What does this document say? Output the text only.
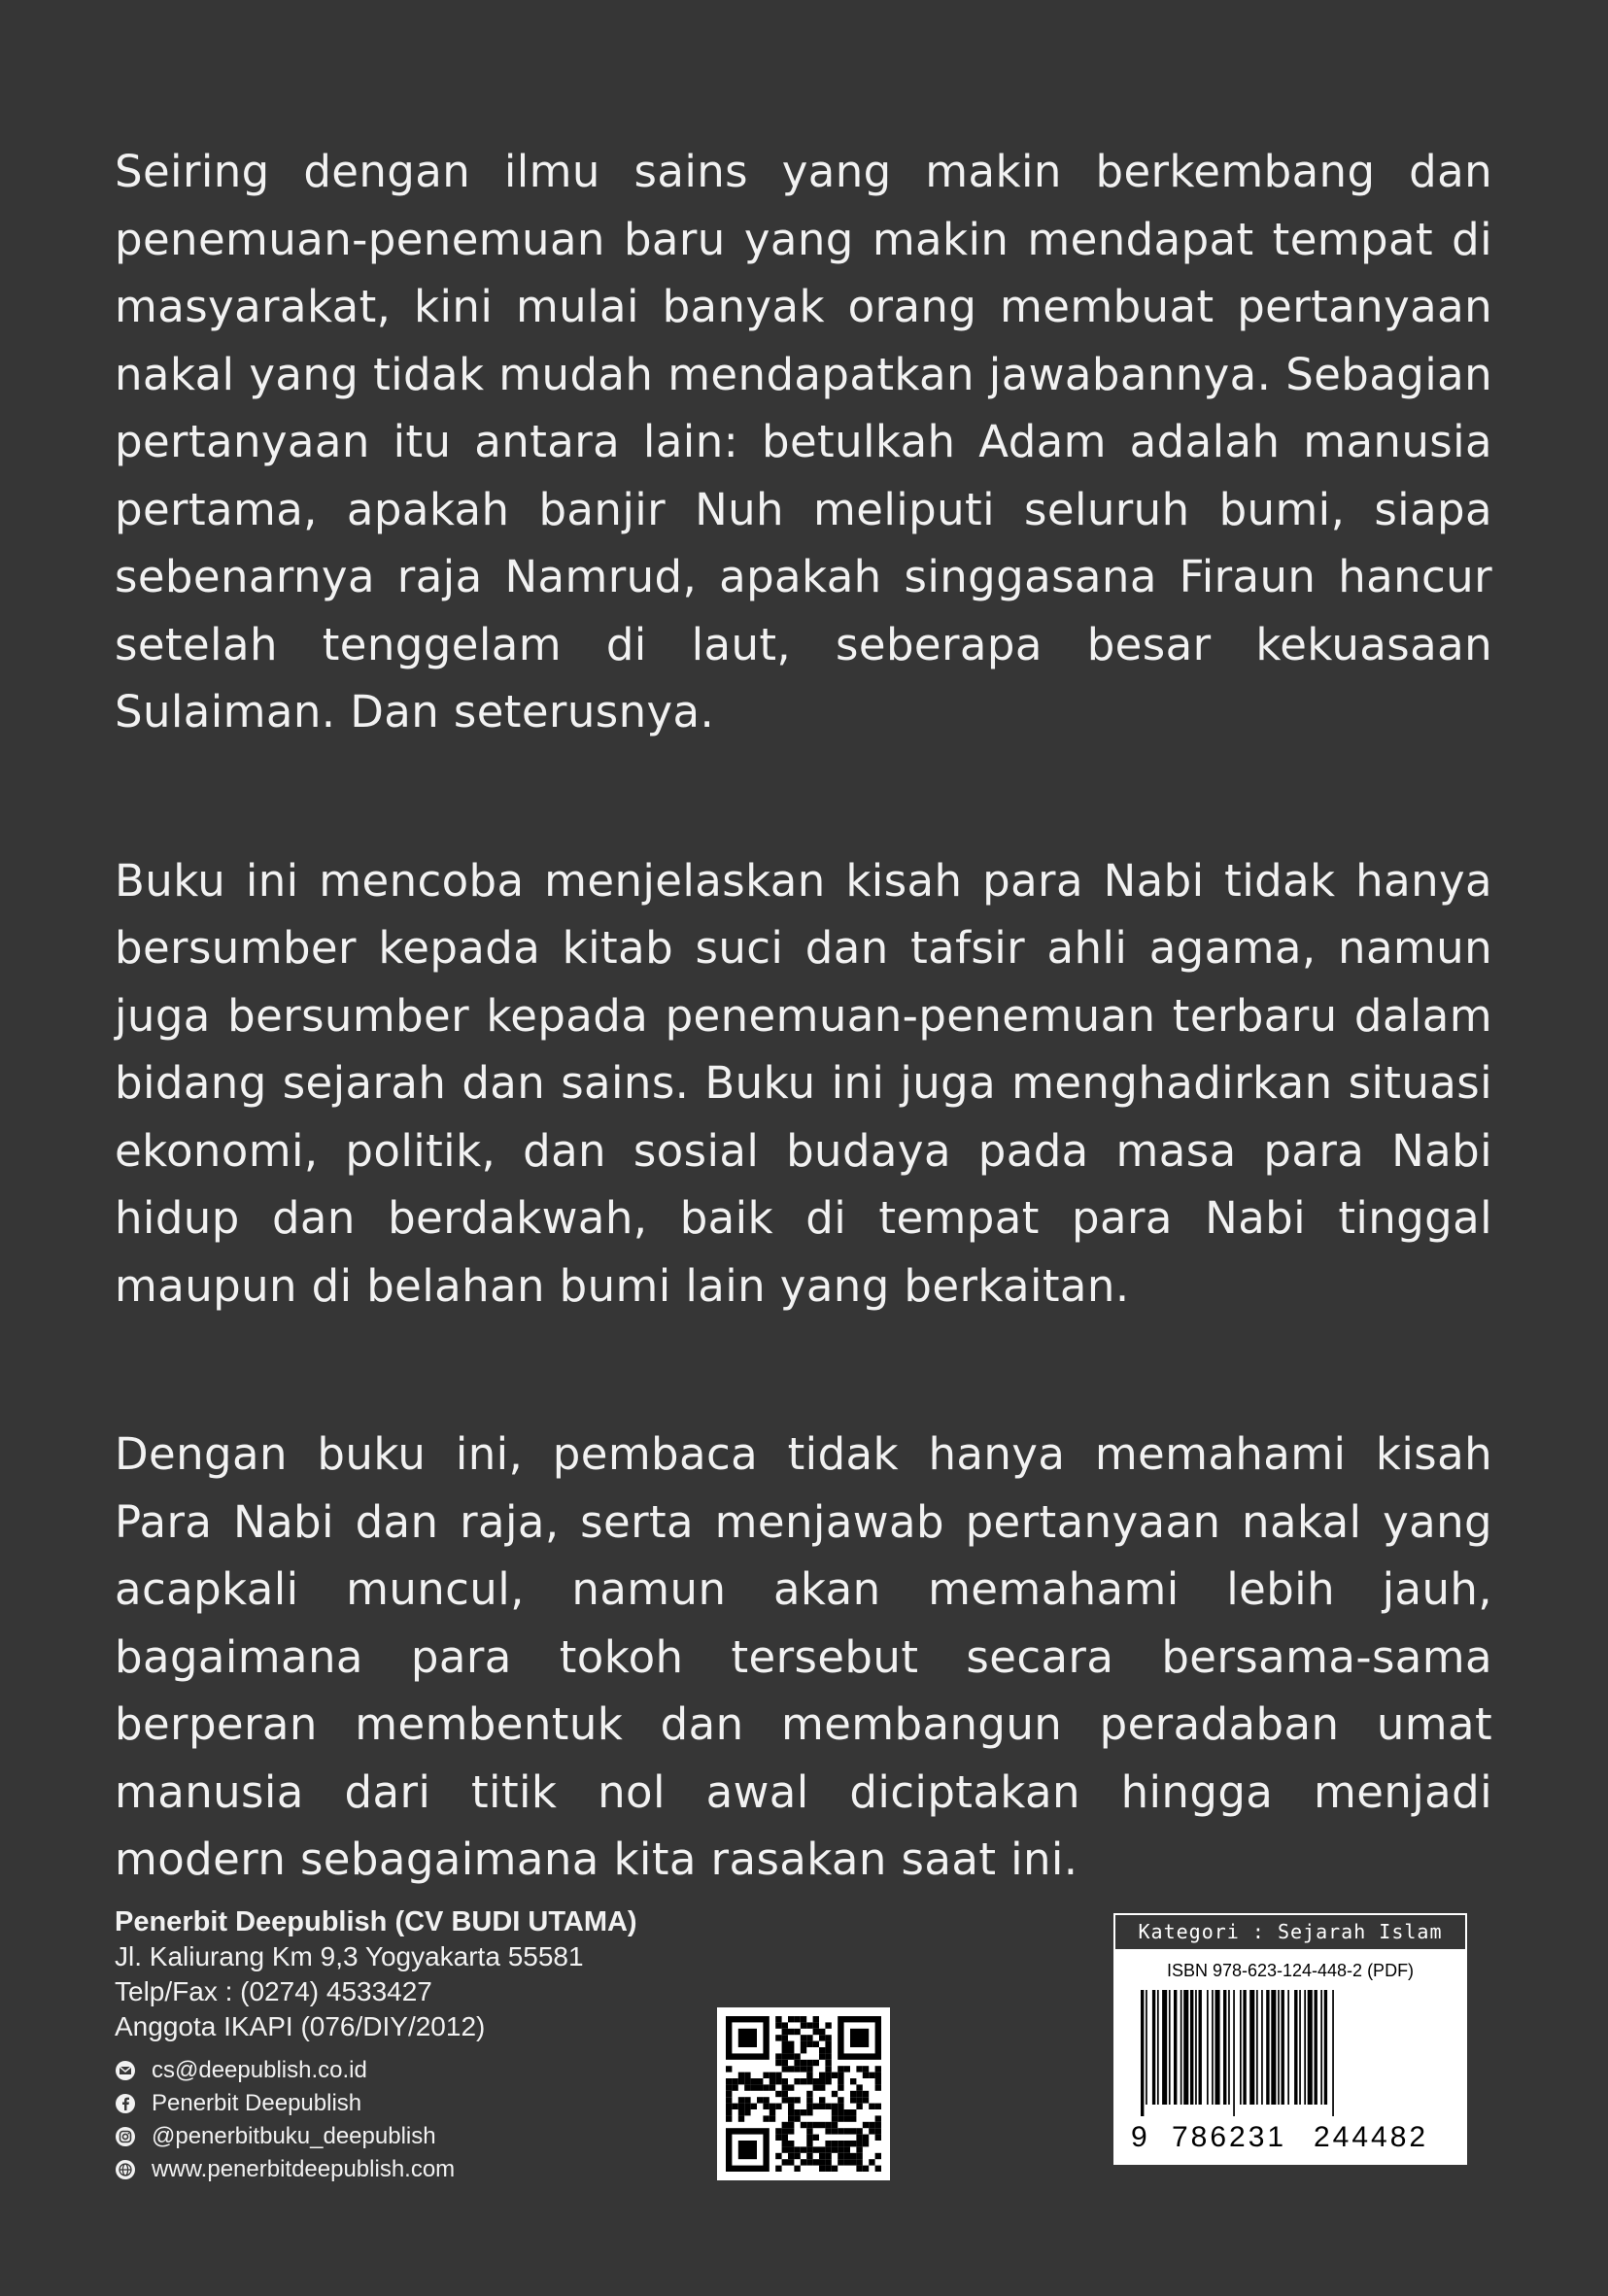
Seiring dengan ilmu sains yang makin berkembang dan penemuan-penemuan baru yang makin mendapat tempat di masyarakat, kini mulai banyak orang membuat pertanyaan nakal yang tidak mudah mendapatkan jawabannya. Sebagian pertanyaan itu antara lain: betulkah Adam adalah manusia pertama, apakah banjir Nuh meliputi seluruh bumi, siapa sebenarnya raja Namrud, apakah singgasana Firaun hancur setelah tenggelam di laut, seberapa besar kekuasaan Sulaiman. Dan seterusnya.

Buku ini mencoba menjelaskan kisah para Nabi tidak hanya bersumber kepada kitab suci dan tafsir ahli agama, namun juga bersumber kepada penemuan-penemuan terbaru dalam bidang sejarah dan sains. Buku ini juga menghadirkan situasi ekonomi, politik, dan sosial budaya pada masa para Nabi hidup dan berdakwah, baik di tempat para Nabi tinggal maupun di belahan bumi lain yang berkaitan.

Dengan buku ini, pembaca tidak hanya memahami kisah Para Nabi dan raja, serta menjawab pertanyaan nakal yang acapkali muncul, namun akan memahami lebih jauh, bagaimana para tokoh tersebut secara bersama-sama berperan membentuk dan membangun peradaban umat manusia dari titik nol awal diciptakan hingga menjadi modern sebagaimana kita rasakan saat ini.

Penerbit Deepublish (CV BUDI UTAMA)
Jl. Kaliurang Km 9,3 Yogyakarta 55581
Telp/Fax : (0274) 4533427
Anggota IKAPI (076/DIY/2012)
cs@deepublish.co.id
Penerbit Deepublish
@penerbitbuku_deepublish
www.penerbitdeepublish.com
Kategori : Sejarah Islam
ISBN 978-623-124-448-2 (PDF)
9 786231 244482
